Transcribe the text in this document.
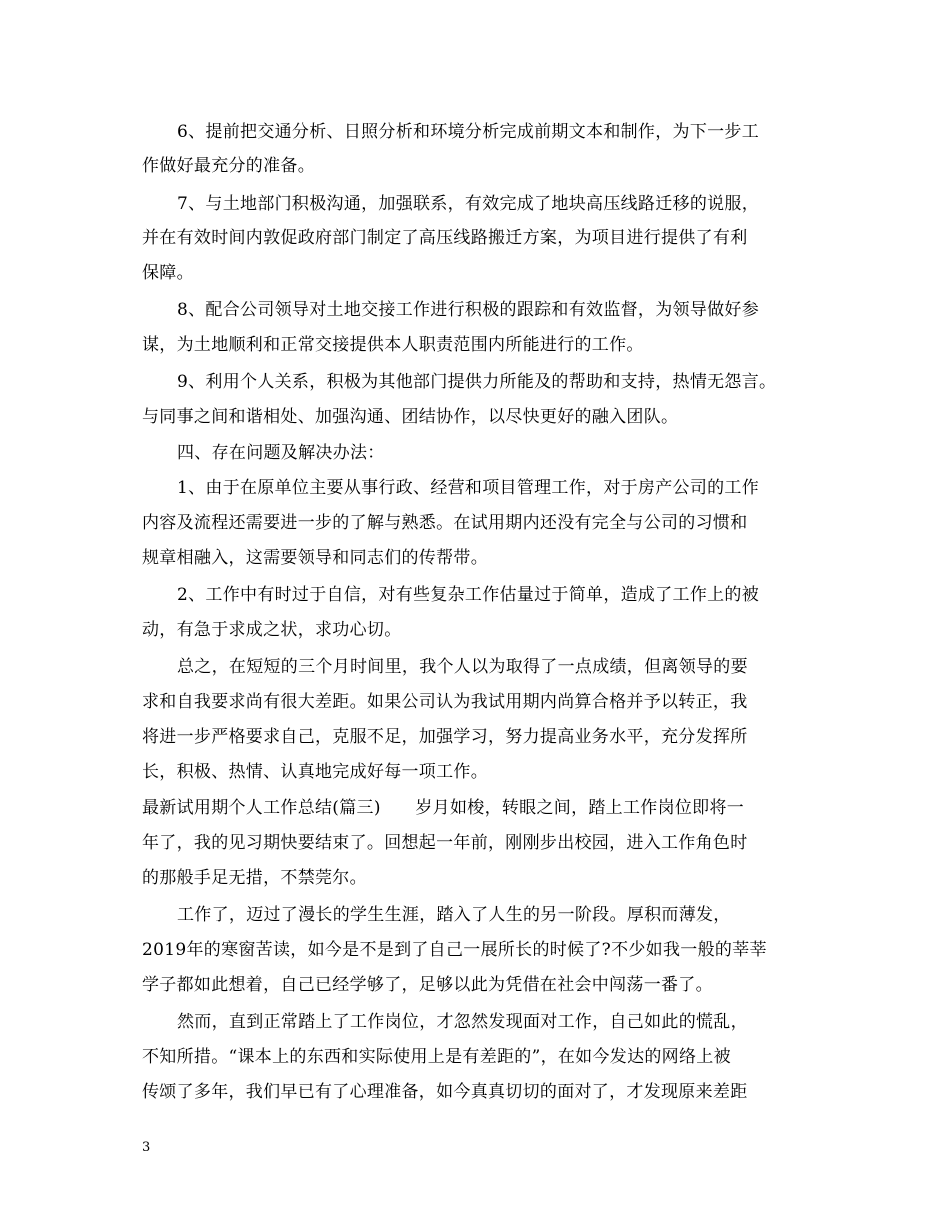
6、提前把交通分析、日照分析和环境分析完成前期文本和制作，为下一步工
作做好最充分的准备。
7、与土地部门积极沟通，加强联系，有效完成了地块高压线路迁移的说服，
并在有效时间内敦促政府部门制定了高压线路搬迁方案，为项目进行提供了有利
保障。
8、配合公司领导对土地交接工作进行积极的跟踪和有效监督，为领导做好参
谋，为土地顺利和正常交接提供本人职责范围内所能进行的工作。
9、利用个人关系，积极为其他部门提供力所能及的帮助和支持，热情无怨言。
与同事之间和谐相处、加强沟通、团结协作，以尽快更好的融入团队。
四、存在问题及解决办法：
1、由于在原单位主要从事行政、经营和项目管理工作，对于房产公司的工作
内容及流程还需要进一步的了解与熟悉。在试用期内还没有完全与公司的习惯和
规章相融入，这需要领导和同志们的传帮带。
2、工作中有时过于自信，对有些复杂工作估量过于简单，造成了工作上的被
动，有急于求成之状，求功心切。
总之，在短短的三个月时间里，我个人以为取得了一点成绩，但离领导的要
求和自我要求尚有很大差距。如果公司认为我试用期内尚算合格并予以转正，我
将进一步严格要求自己，克服不足，加强学习，努力提高业务水平，充分发挥所
长，积极、热情、认真地完成好每一项工作。
最新试用期个人工作总结(篇三)　　岁月如梭，转眼之间，踏上工作岗位即将一
年了，我的见习期快要结束了。回想起一年前，刚刚步出校园，进入工作角色时
的那般手足无措，不禁莞尔。
工作了，迈过了漫长的学生生涯，踏入了人生的另一阶段。厚积而薄发，
2019年的寒窗苦读，如今是不是到了自己一展所长的时候了?不少如我一般的莘莘
学子都如此想着，自己已经学够了，足够以此为凭借在社会中闯荡一番了。
然而，直到正常踏上了工作岗位，才忽然发现面对工作，自己如此的慌乱，
不知所措。“课本上的东西和实际使用上是有差距的”，在如今发达的网络上被
传颂了多年，我们早已有了心理准备，如今真真切切的面对了，才发现原来差距
3
